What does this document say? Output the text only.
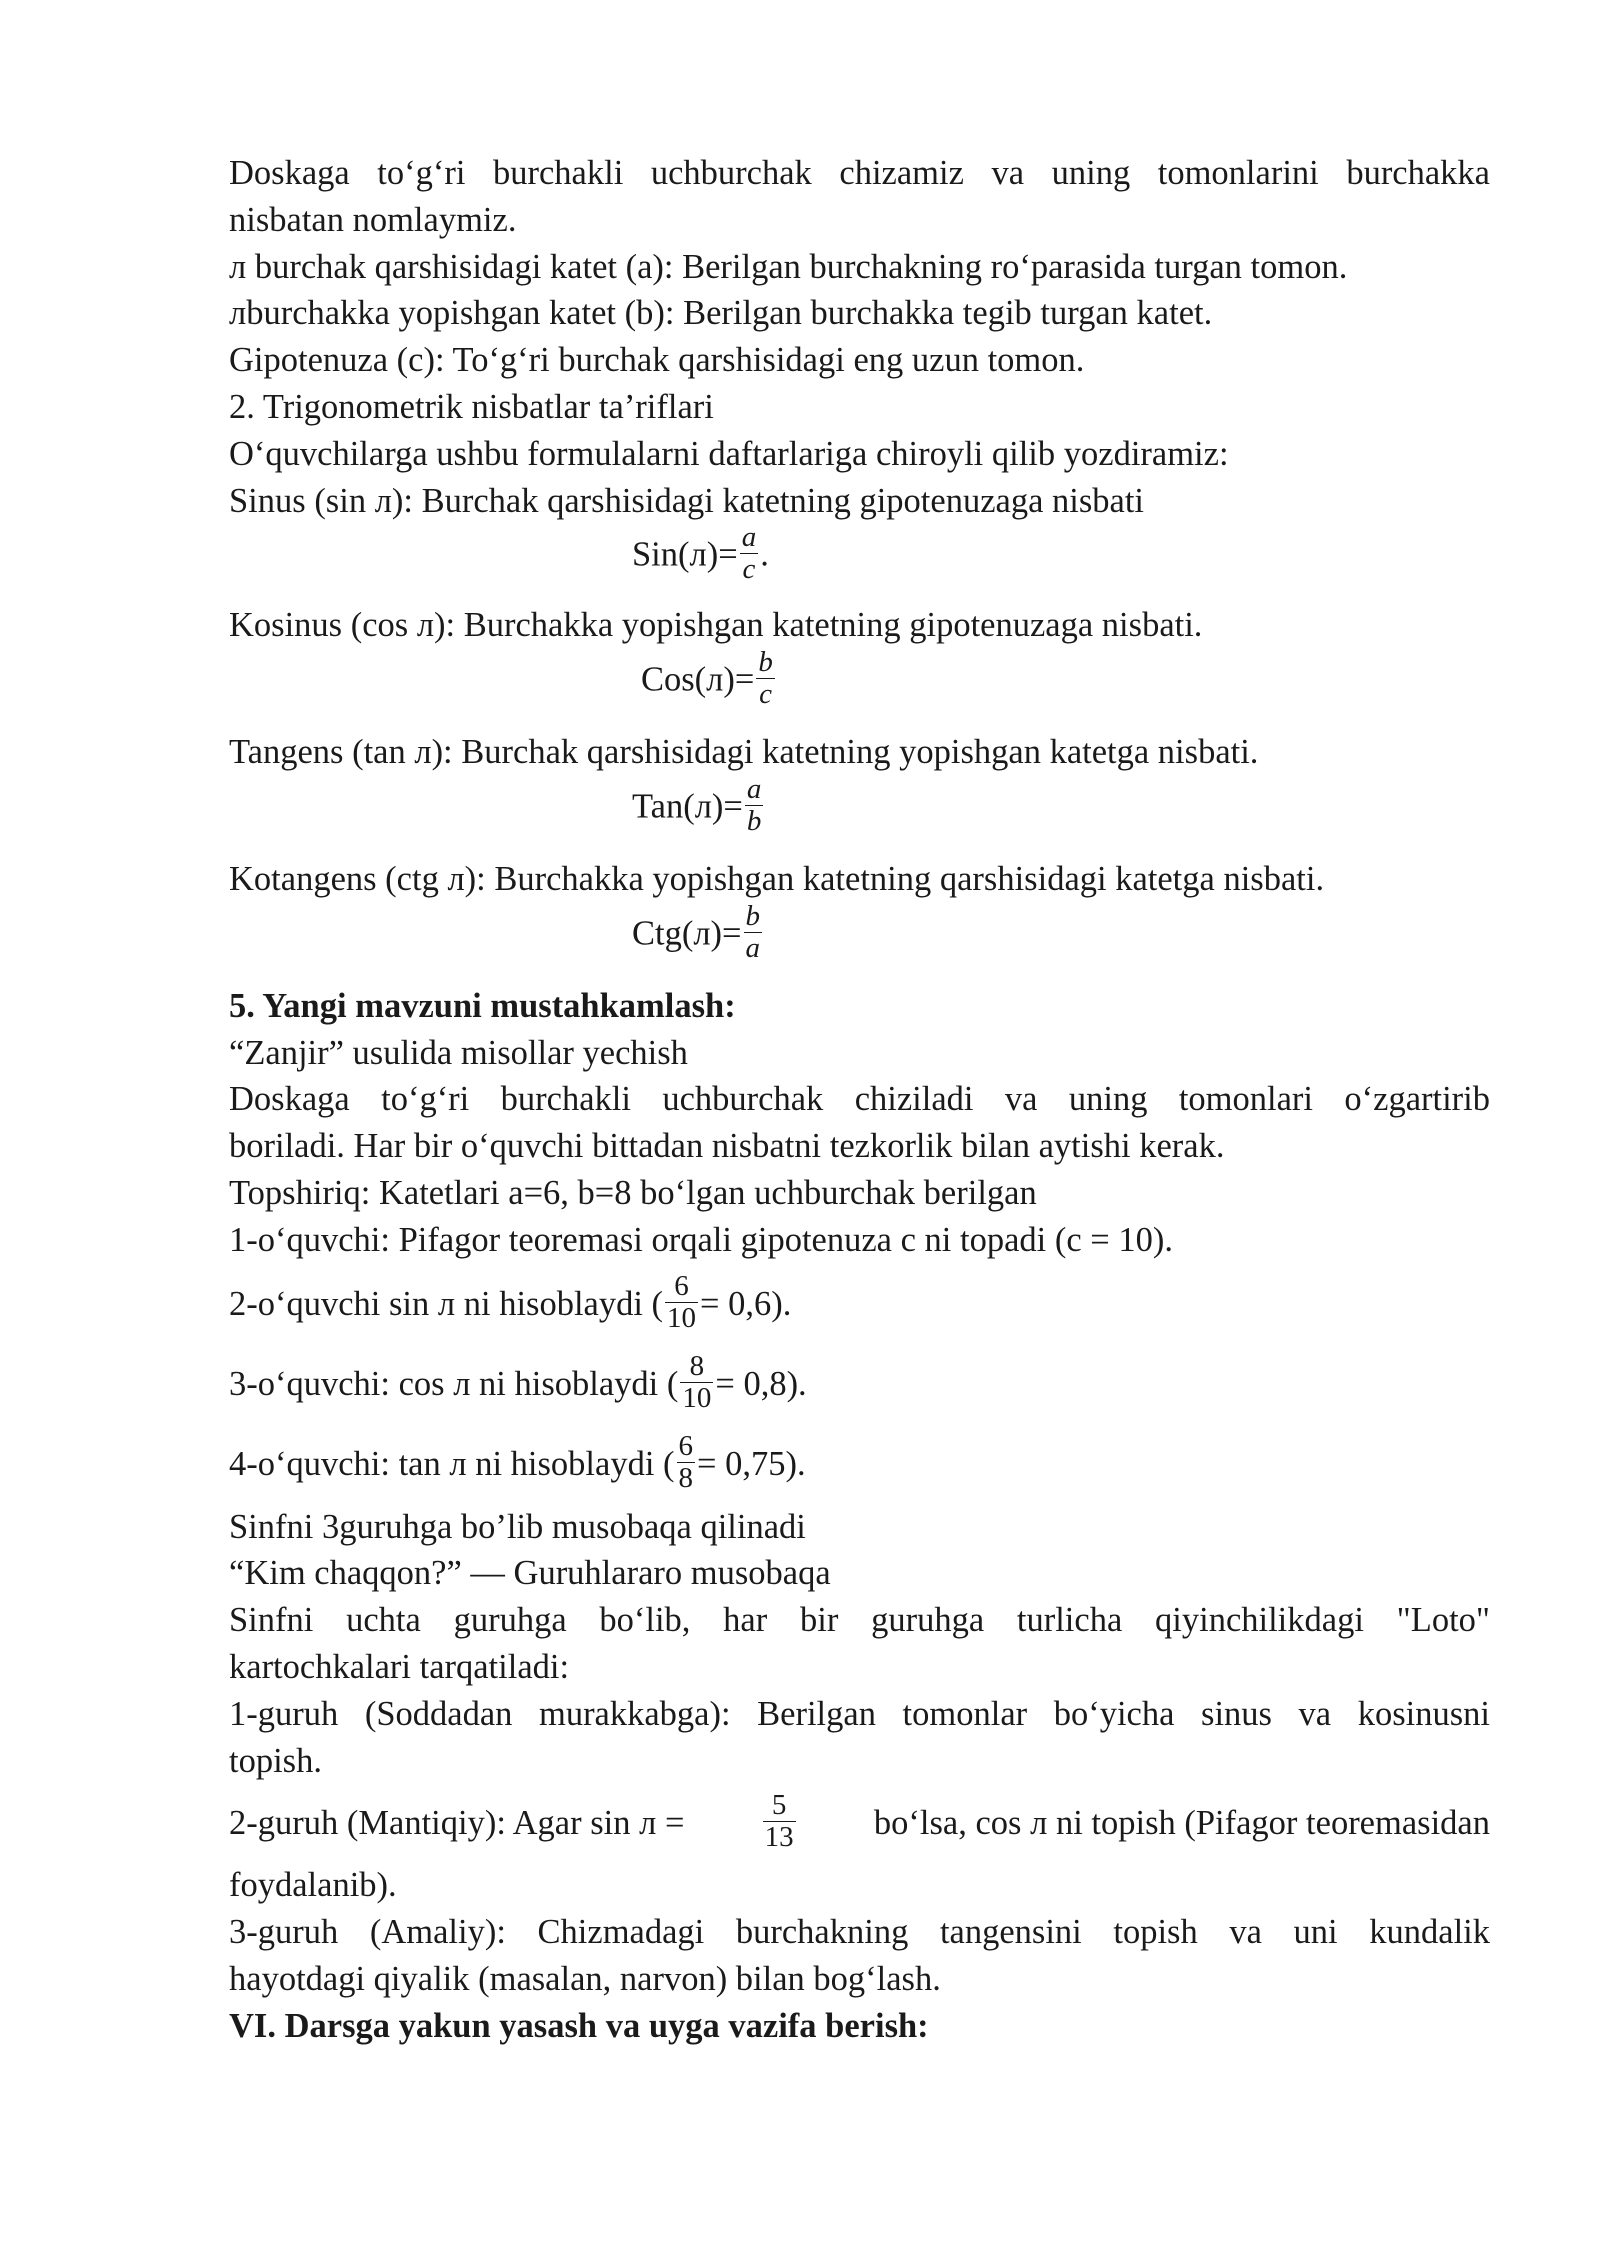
Doskaga to‘g‘ri burchakli uchburchak chizamiz va uning tomonlarini burchakka
nisbatan nomlaymiz.
л burchak qarshisidagi katet (a): Berilgan burchakning ro‘parasida turgan tomon.
лburchakka yopishgan katet (b): Berilgan burchakka tegib turgan katet.
Gipotenuza (c): To‘g‘ri burchak qarshisidagi eng uzun tomon.
2. Trigonometrik nisbatlar ta’riflari
O‘quvchilarga ushbu formulalarni daftarlariga chiroyli qilib yozdiramiz:
Sinus (sin л): Burchak qarshisidagi katetning gipotenuzaga nisbati
$Sin(л)= \frac{a}{c}$ .
Kosinus (cos л): Burchakka yopishgan katetning gipotenuzaga nisbati.
$Cos(л)= \frac{b}{c}$
Tangens (tan л): Burchak qarshisidagi katetning yopishgan katetga nisbati.
$Tan(л)= \frac{a}{b}$
Kotangens (ctg л): Burchakka yopishgan katetning qarshisidagi katetga nisbati.
$Ctg(л)= \frac{b}{a}$
5. Yangi mavzuni mustahkamlash:
“Zanjir” usulida misollar yechish
Doskaga to‘g‘ri burchakli uchburchak chiziladi va uning tomonlari o‘zgartirib
boriladi. Har bir o‘quvchi bittadan nisbatni tezkorlik bilan aytishi kerak.
Topshiriq: Katetlari a=6, b=8 bo‘lgan uchburchak berilgan
1-o‘quvchi: Pifagor teoremasi orqali gipotenuza c ni topadi (c = 10).
2-o‘quvchi sin л ni hisoblaydi ( $\frac{6}{10} = 0,6$).
3-o‘quvchi: cos л ni hisoblaydi ( $\frac{8}{10} = 0,8$).
4-o‘quvchi: tan л ni hisoblaydi ( $\frac{6}{8} = 0,75$).
Sinfni 3guruhga bo’lib musobaqa qilinadi
“Kim chaqqon?” — Guruhlararo musobaqa
Sinfni uchta guruhga bo‘lib, har bir guruhga turlicha qiyinchilikdagi "Loto"
kartochkalari tarqatiladi:
1-guruh (Soddadan murakkabga): Berilgan tomonlar bo‘yicha sinus va kosinusni
topish.
2-guruh (Mantiqiy): Agar sin л =	$\frac{5}{13}$ bo‘lsa, cos л ni topish (Pifagor teoremasidan
foydalanib).
3-guruh (Amaliy): Chizmadagi burchakning tangensini topish va uni kundalik
hayotdagi qiyalik (masalan, narvon) bilan bog‘lash.
VI. Darsga yakun yasash va uyga vazifa berish:
